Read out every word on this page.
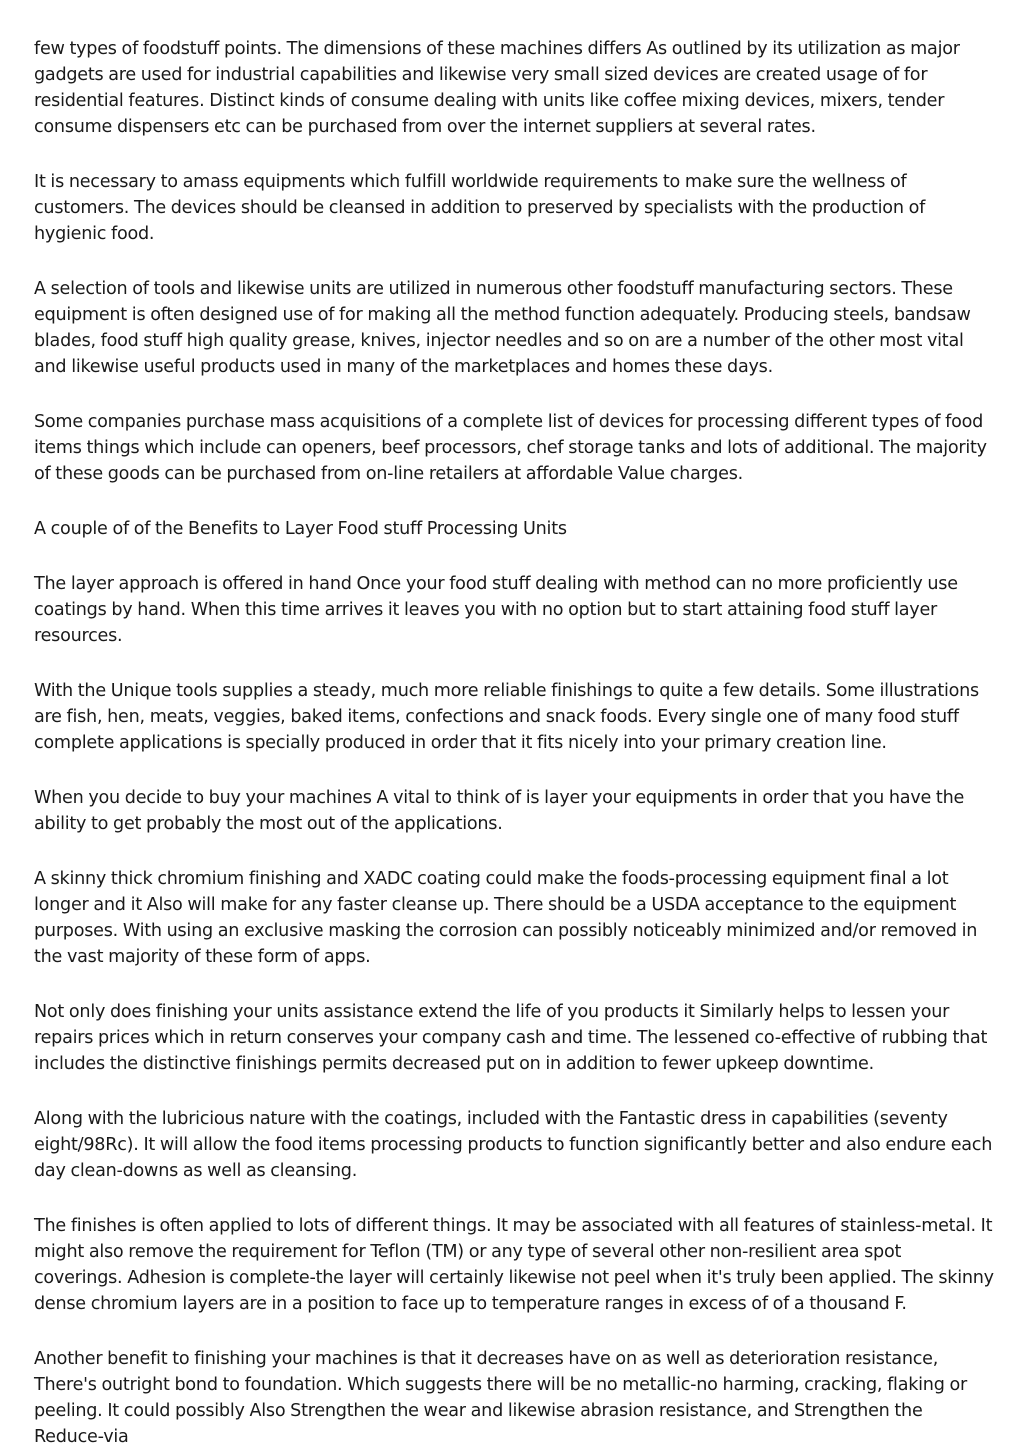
few types of foodstuff points. The dimensions of these machines differs As outlined by its utilization as major gadgets are used for industrial capabilities and likewise very small sized devices are created usage of for residential features. Distinct kinds of consume dealing with units like coffee mixing devices, mixers, tender consume dispensers etc can be purchased from over the internet suppliers at several rates.

It is necessary to amass equipments which fulfill worldwide requirements to make sure the wellness of customers. The devices should be cleansed in addition to preserved by specialists with the production of hygienic food.

A selection of tools and likewise units are utilized in numerous other foodstuff manufacturing sectors. These equipment is often designed use of for making all the method function adequately. Producing steels, bandsaw blades, food stuff high quality grease, knives, injector needles and so on are a number of the other most vital and likewise useful products used in many of the marketplaces and homes these days.

Some companies purchase mass acquisitions of a complete list of devices for processing different types of food items things which include can openers, beef processors, chef storage tanks and lots of additional. The majority of these goods can be purchased from on-line retailers at affordable Value charges.

A couple of of the Benefits to Layer Food stuff Processing Units

The layer approach is offered in hand Once your food stuff dealing with method can no more proficiently use coatings by hand. When this time arrives it leaves you with no option but to start attaining food stuff layer resources.

With the Unique tools supplies a steady, much more reliable finishings to quite a few details. Some illustrations are fish, hen, meats, veggies, baked items, confections and snack foods. Every single one of many food stuff complete applications is specially produced in order that it fits nicely into your primary creation line.

When you decide to buy your machines A vital to think of is layer your equipments in order that you have the ability to get probably the most out of the applications.

A skinny thick chromium finishing and XADC coating could make the foods-processing equipment final a lot longer and it Also will make for any faster cleanse up. There should be a USDA acceptance to the equipment purposes. With using an exclusive masking the corrosion can possibly noticeably minimized and/or removed in the vast majority of these form of apps.

Not only does finishing your units assistance extend the life of you products it Similarly helps to lessen your repairs prices which in return conserves your company cash and time. The lessened co-effective of rubbing that includes the distinctive finishings permits decreased put on in addition to fewer upkeep downtime.

Along with the lubricious nature with the coatings, included with the Fantastic dress in capabilities (seventy eight/98Rc). It will allow the food items processing products to function significantly better and also endure each day clean-downs as well as cleansing.

The finishes is often applied to lots of different things. It may be associated with all features of stainless-metal. It might also remove the requirement for Teflon (TM) or any type of several other non-resilient area spot coverings. Adhesion is complete-the layer will certainly likewise not peel when it's truly been applied. The skinny dense chromium layers are in a position to face up to temperature ranges in excess of of a thousand F.

Another benefit to finishing your machines is that it decreases have on as well as deterioration resistance, There's outright bond to foundation. Which suggests there will be no metallic-no harming, cracking, flaking or peeling. It could possibly Also Strengthen the wear and likewise abrasion resistance, and Strengthen the Reduce-via
